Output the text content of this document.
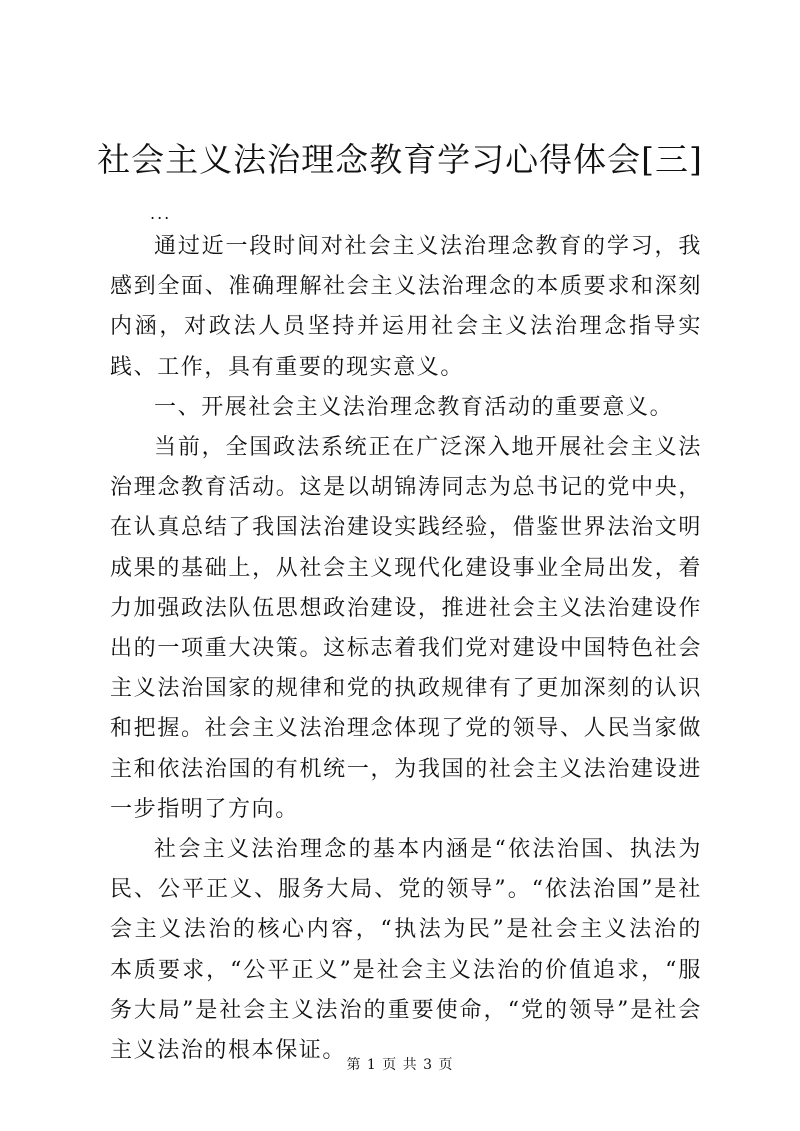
社会主义法治理念教育学习心得体会[三]
...

通过近一段时间对社会主义法治理念教育的学习，我感到全面、准确理解社会主义法治理念的本质要求和深刻内涵，对政法人员坚持并运用社会主义法治理念指导实践、工作，具有重要的现实意义。

一、开展社会主义法治理念教育活动的重要意义。

当前，全国政法系统正在广泛深入地开展社会主义法治理念教育活动。这是以胡锦涛同志为总书记的党中央，在认真总结了我国法治建设实践经验，借鉴世界法治文明成果的基础上，从社会主义现代化建设事业全局出发，着力加强政法队伍思想政治建设，推进社会主义法治建设作出的一项重大决策。这标志着我们党对建设中国特色社会主义法治国家的规律和党的执政规律有了更加深刻的认识和把握。社会主义法治理念体现了党的领导、人民当家做主和依法治国的有机统一，为我国的社会主义法治建设进一步指明了方向。

社会主义法治理念的基本内涵是“依法治国、执法为民、公平正义、服务大局、党的领导”。“依法治国”是社会主义法治的核心内容，“执法为民”是社会主义法治的本质要求，“公平正义”是社会主义法治的价值追求，“服务大局”是社会主义法治的重要使命，“党的领导”是社会主义法治的根本保证。

第 1 页 共 3 页
